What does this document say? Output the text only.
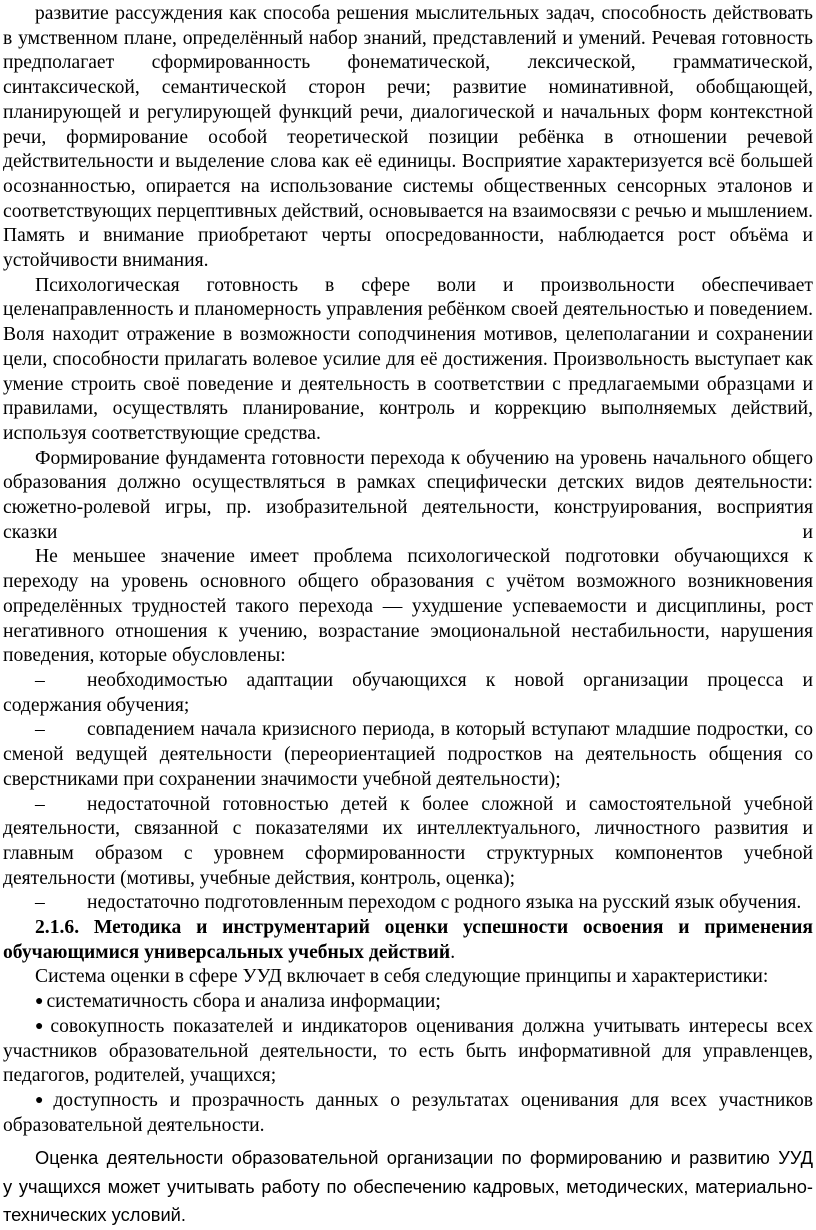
развитие рассуждения как способа решения мыслительных задач, способность действовать в умственном плане, определённый набор знаний, представлений и умений. Речевая готовность предполагает сформированность фонематической, лексической, грамматической, синтаксической, семантической сторон речи; развитие номинативной, обобщающей, планирующей и регулирующей функций речи, диалогической и начальных форм контекстной речи, формирование особой теоретической позиции ребёнка в отношении речевой действительности и выделение слова как её единицы. Восприятие характеризуется всё большей осознанностью, опирается на использование системы общественных сенсорных эталонов и соответствующих перцептивных действий, основывается на взаимосвязи с речью и мышлением. Память и внимание приобретают черты опосредованности, наблюдается рост объёма и устойчивости внимания.

Психологическая готовность в сфере воли и произвольности обеспечивает целенаправленность и планомерность управления ребёнком своей деятельностью и поведением. Воля находит отражение в возможности соподчинения мотивов, целеполагании и сохранении цели, способности прилагать волевое усилие для её достижения. Произвольность выступает как умение строить своё поведение и деятельность в соответствии с предлагаемыми образцами и правилами, осуществлять планирование, контроль и коррекцию выполняемых действий, используя соответствующие средства.

Формирование фундамента готовности перехода к обучению на уровень начального общего образования должно осуществляться в рамках специфически детских видов деятельности: сюжетно-ролевой игры, пр. изобразительной деятельности, конструирования, восприятия сказки и

Не меньшее значение имеет проблема психологической подготовки обучающихся к переходу на уровень основного общего образования с учётом возможного возникновения определённых трудностей такого перехода — ухудшение успеваемости и дисциплины, рост негативного отношения к учению, возрастание эмоциональной нестабильности, нарушения поведения, которые обусловлены:

– необходимостью адаптации обучающихся к новой организации процесса и содержания обучения;

– совпадением начала кризисного периода, в который вступают младшие подростки, со сменой ведущей деятельности (переориентацией подростков на деятельность общения со сверстниками при сохранении значимости учебной деятельности);

– недостаточной готовностью детей к более сложной и самостоятельной учебной деятельности, связанной с показателями их интеллектуального, личностного развития и главным образом с уровнем сформированности структурных компонентов учебной деятельности (мотивы, учебные действия, контроль, оценка);

– недостаточно подготовленным переходом с родного языка на русский язык обучения.

2.1.6. Методика и инструментарий оценки успешности освоения и применения обучающимися универсальных учебных действий.

Система оценки в сфере УУД включает в себя следующие принципы и характеристики:

● систематичность сбора и анализа информации;

● совокупность показателей и индикаторов оценивания должна учитывать интересы всех участников образовательной деятельности, то есть быть информативной для управленцев, педагогов, родителей, учащихся;

● доступность и прозрачность данных о результатах оценивания для всех участников образовательной деятельности.

Оценка деятельности образовательной организации по формированию и развитию УУД

у учащихся может учитывать работу по обеспечению кадровых, методических, материально-технических условий.
